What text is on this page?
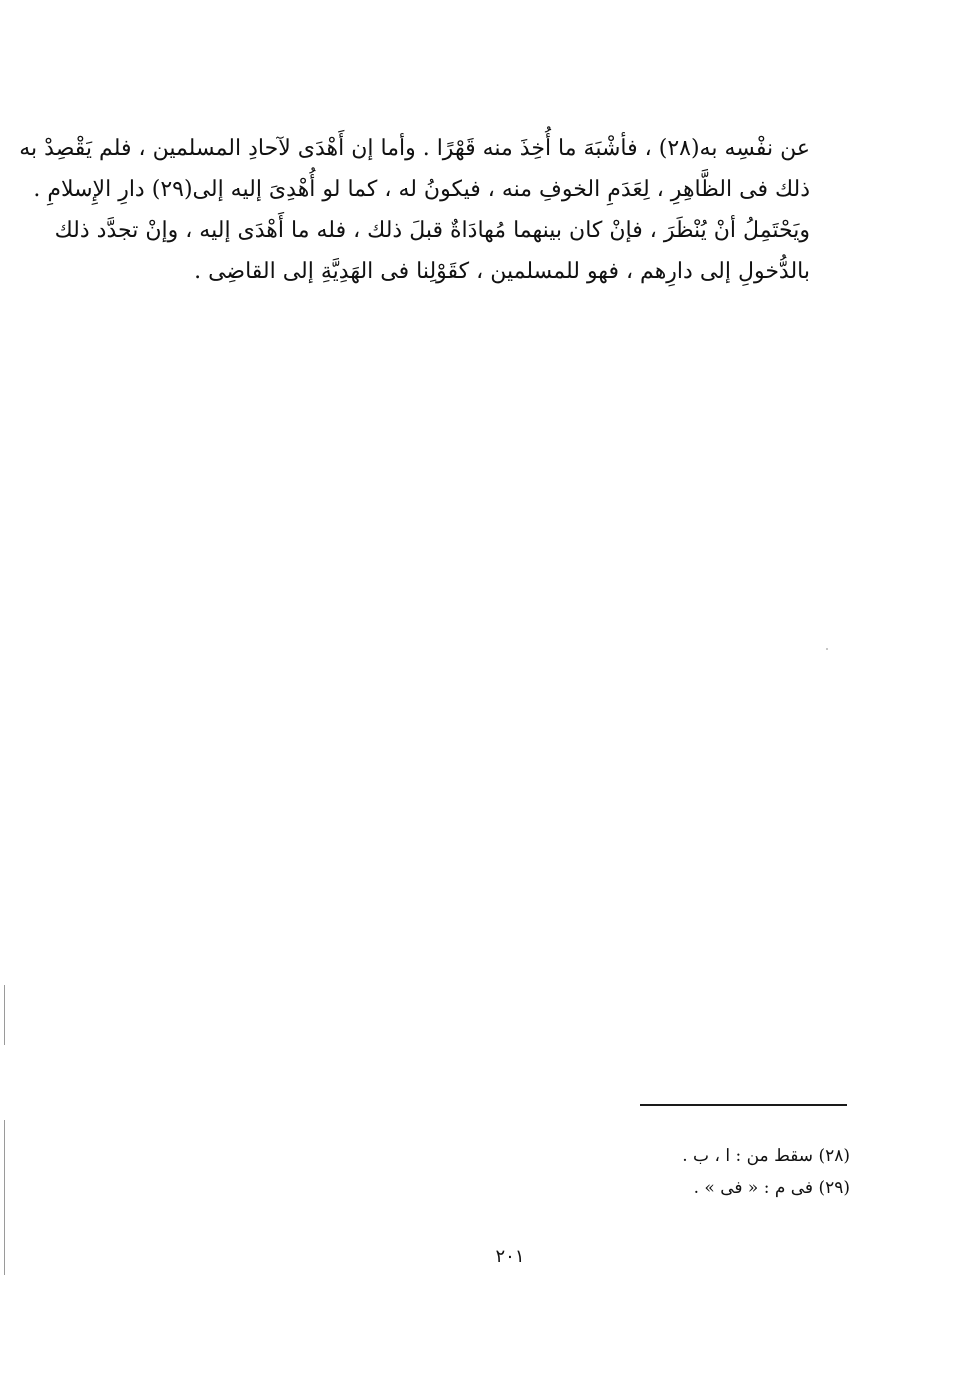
عن نفْسِه به(٢٨) ، فأشْبَهَ ما أُخِذَ منه قَهْرًا . وأما إن أَهْدَى لآحادِ المسلمين ، فلم يَقْصِدْ به
ذلك فى الظَّاهِرِ ، لِعَدَمِ الخوفِ منه ، فيكونُ له ، كما لو أُهْدِىَ إليه إلى(٢٩) دارِ الإِسلامِ .
ويَحْتَمِلُ أنْ يُنْظَرَ ، فإنْ كان بينهما مُهادَاةٌ قبلَ ذلك ، فله ما أَهْدَى إليه ، وإنْ تجدَّد ذلك
بالدُّخولِ إلى دارِهم ، فهو للمسلمين ، كقَوْلِنا فى الهَدِيَّةِ إلى القاضِى .
(٢٨) سقط من : ا ، ب .
(٢٩) فى م : « فى » .
٢٠١
